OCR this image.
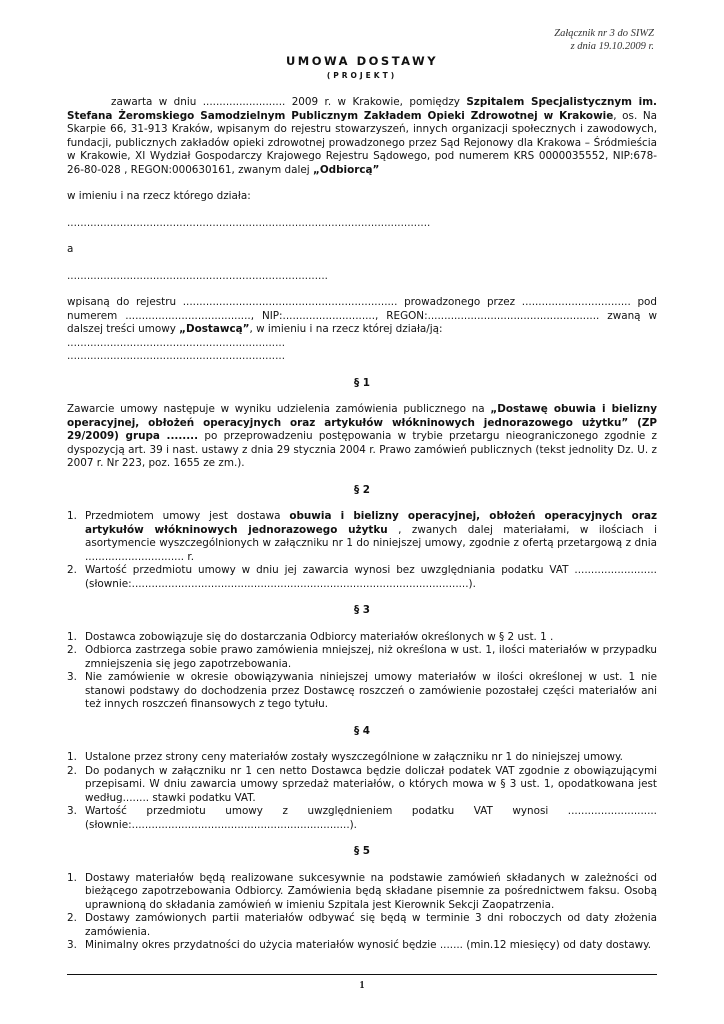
Załącznik nr 3 do SIWZ
z dnia 19.10.2009 r.
UMOWA DOSTAWY
(PROJEKT)

zawarta w dniu ......................... 2009 r. w Krakowie, pomiędzy Szpitalem Specjalistycznym im. Stefana Żeromskiego Samodzielnym Publicznym Zakładem Opieki Zdrowotnej w Krakowie, os. Na Skarpie 66, 31-913 Kraków, wpisanym do rejestru stowarzyszeń, innych organizacji społecznych i zawodowych, fundacji, publicznych zakładów opieki zdrowotnej prowadzonego przez Sąd Rejonowy dla Krakowa – Śródmieścia w Krakowie, XI Wydział Gospodarczy Krajowego Rejestru Sądowego, pod numerem KRS 0000035552, NIP:678-26-80-028 , REGON:000630161, zwanym dalej „Odbiorcą”

w imieniu i na rzecz którego działa:

..............................................................................................................

a

...............................................................................

wpisaną do rejestru ................................................................. prowadzonego przez ................................. pod numerem ......................................, NIP:............................, REGON:.................................................... zwaną w dalszej treści umowy „Dostawcą”, w imieniu i na rzecz której działa/ją:

..................................................................

..................................................................

§ 1

Zawarcie umowy następuje w wyniku udzielenia zamówienia publicznego na „Dostawę obuwia i bielizny operacyjnej, obłożeń operacyjnych oraz artykułów włókninowych jednorazowego użytku” (ZP 29/2009) grupa ........ po przeprowadzeniu postępowania w trybie przetargu nieograniczonego zgodnie z dyspozycją art. 39 i nast. ustawy z dnia 29 stycznia 2004 r. Prawo zamówień publicznych (tekst jednolity Dz. U. z 2007 r. Nr 223, poz. 1655 ze zm.).

§ 2

1. Przedmiotem umowy jest dostawa obuwia i bielizny operacyjnej, obłożeń operacyjnych oraz artykułów włókninowych jednorazowego użytku , zwanych dalej materiałami, w ilościach i asortymencie wyszczególnionych w załączniku nr 1 do niniejszej umowy, zgodnie z ofertą przetargową z dnia .............................. r.
2. Wartość przedmiotu umowy w dniu jej zawarcia wynosi bez uwzględniania podatku VAT ......................... (słownie:......................................................................................................).

§ 3

1. Dostawca zobowiązuje się do dostarczania Odbiorcy materiałów określonych w § 2 ust. 1 .
2. Odbiorca zastrzega sobie prawo zamówienia mniejszej, niż określona w ust. 1, ilości materiałów w przypadku zmniejszenia się jego zapotrzebowania.
3. Nie zamówienie w okresie obowiązywania niniejszej umowy materiałów w ilości określonej w ust. 1 nie stanowi podstawy do dochodzenia przez Dostawcę roszczeń o zamówienie pozostałej części materiałów ani też innych roszczeń finansowych z tego tytułu.

§ 4

1. Ustalone przez strony ceny materiałów zostały wyszczególnione w załączniku nr 1 do niniejszej umowy.
2. Do podanych w załączniku nr 1 cen netto Dostawca będzie doliczał podatek VAT zgodnie z obowiązującymi przepisami. W dniu zawarcia umowy sprzedaż materiałów, o których mowa w § 3 ust. 1, opodatkowana jest według........ stawki podatku VAT.
3. Wartość przedmiotu umowy z uwzględnieniem podatku VAT wynosi ........................... (słownie:..................................................................).

§ 5

1. Dostawy materiałów będą realizowane sukcesywnie na podstawie zamówień składanych w zależności od bieżącego zapotrzebowania Odbiorcy. Zamówienia będą składane pisemnie za pośrednictwem faksu. Osobą uprawnioną do składania zamówień w imieniu Szpitala jest Kierownik Sekcji Zaopatrzenia.
2. Dostawy zamówionych partii materiałów odbywać się będą w terminie 3 dni roboczych od daty złożenia zamówienia.
3. Minimalny okres przydatności do użycia materiałów wynosić będzie ....... (min.12 miesięcy) od daty dostawy.
1
